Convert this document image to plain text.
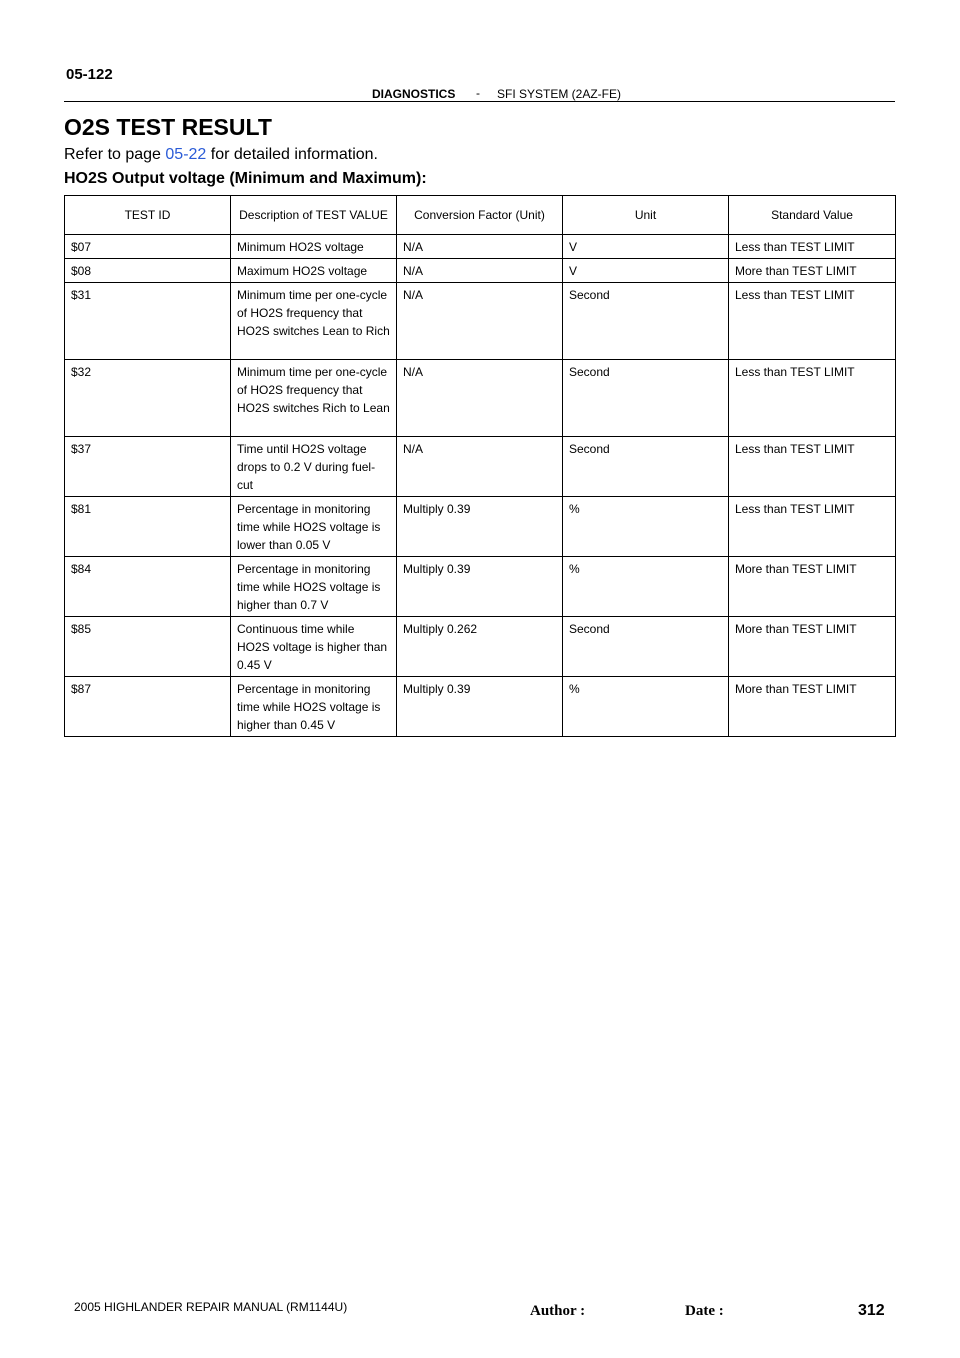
05-122
DIAGNOSTICS - SFI SYSTEM (2AZ-FE)
O2S TEST RESULT
Refer to page 05-22 for detailed information.
HO2S Output voltage (Minimum and Maximum):
TEST ID	Description of TEST VALUE	Conversion Factor (Unit)	Unit	Standard Value
$07	Minimum HO2S voltage	N/A	V	Less than TEST LIMIT
$08	Maximum HO2S voltage	N/A	V	More than TEST LIMIT
$31	Minimum time per one-cycle of HO2S frequency that HO2S switches Lean to Rich	N/A	Second	Less than TEST LIMIT
$32	Minimum time per one-cycle of HO2S frequency that HO2S switches Rich to Lean	N/A	Second	Less than TEST LIMIT
$37	Time until HO2S voltage drops to 0.2 V during fuel-cut	N/A	Second	Less than TEST LIMIT
$81	Percentage in monitoring time while HO2S voltage is lower than 0.05 V	Multiply 0.39	%	Less than TEST LIMIT
$84	Percentage in monitoring time while HO2S voltage is higher than 0.7 V	Multiply 0.39	%	More than TEST LIMIT
$85	Continuous time while HO2S voltage is higher than 0.45 V	Multiply 0.262	Second	More than TEST LIMIT
$87	Percentage in monitoring time while HO2S voltage is higher than 0.45 V	Multiply 0.39	%	More than TEST LIMIT
2005 HIGHLANDER REPAIR MANUAL (RM1144U)	Author :	Date :	312
